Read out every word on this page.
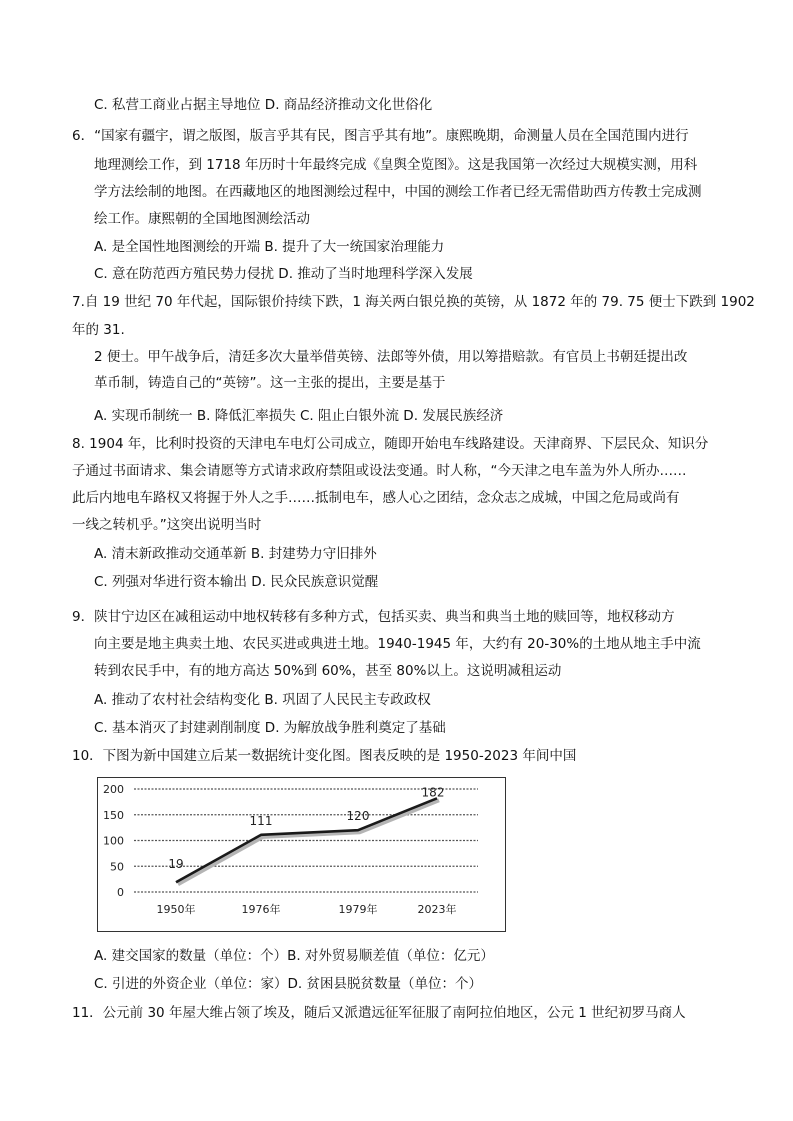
C. 私营工商业占据主导地位 D. 商品经济推动文化世俗化
6．“国家有疆宇，谓之版图，版言乎其有民，图言乎其有地”。康熙晚期，命测量人员在全国范围内进行
地理测绘工作，到 1718 年历时十年最终完成《皇舆全览图》。这是我国第一次经过大规模实测，用科
学方法绘制的地图。在西藏地区的地图测绘过程中，中国的测绘工作者已经无需借助西方传教士完成测
绘工作。康熙朝的全国地图测绘活动
A. 是全国性地图测绘的开端 B. 提升了大一统国家治理能力
C. 意在防范西方殖民势力侵扰 D. 推动了当时地理科学深入发展
7.自 19 世纪 70 年代起，国际银价持续下跌，1 海关两白银兑换的英镑，从 1872 年的 79. 75 便士下跌到 1902
年的 31.
2 便士。甲午战争后，清廷多次大量举借英镑、法郎等外债，用以筹措赔款。有官员上书朝廷提出改
革币制，铸造自己的“英镑”。这一主张的提出，主要是基于
A. 实现币制统一 B. 降低汇率损失 C. 阻止白银外流 D. 发展民族经济
8. 1904 年，比利时投资的天津电车电灯公司成立，随即开始电车线路建设。天津商界、下层民众、知识分
子通过书面请求、集会请愿等方式请求政府禁阻或设法变通。时人称，“今天津之电车盖为外人所办……
此后内地电车路权又将握于外人之手……抵制电车，感人心之团结，念众志之成城，中国之危局或尚有
一线之转机乎。”这突出说明当时
A. 清末新政推动交通革新 B. 封建势力守旧排外
C. 列强对华进行资本输出 D. 民众民族意识觉醒
9．陕甘宁边区在减租运动中地权转移有多种方式，包括买卖、典当和典当土地的赎回等，地权移动方
向主要是地主典卖土地、农民买进或典进土地。1940-1945 年，大约有 20-30%的土地从地主手中流
转到农民手中，有的地方高达 50%到 60%，甚至 80%以上。这说明减租运动
A. 推动了农村社会结构变化 B. 巩固了人民民主专政政权
C. 基本消灭了封建剥削制度 D. 为解放战争胜利奠定了基础
10．下图为新中国建立后某一数据统计变化图。图表反映的是 1950-2023 年间中国
0
50
100
150
200
1950年	1976年	1979年	2023年
19
111	120
182
A. 建交国家的数量（单位：个）B. 对外贸易顺差值（单位：亿元）
C. 引进的外资企业（单位：家）D. 贫困县脱贫数量（单位：个）
11．公元前 30 年屋大维占领了埃及，随后又派遣远征军征服了南阿拉伯地区，公元 1 世纪初罗马商人
